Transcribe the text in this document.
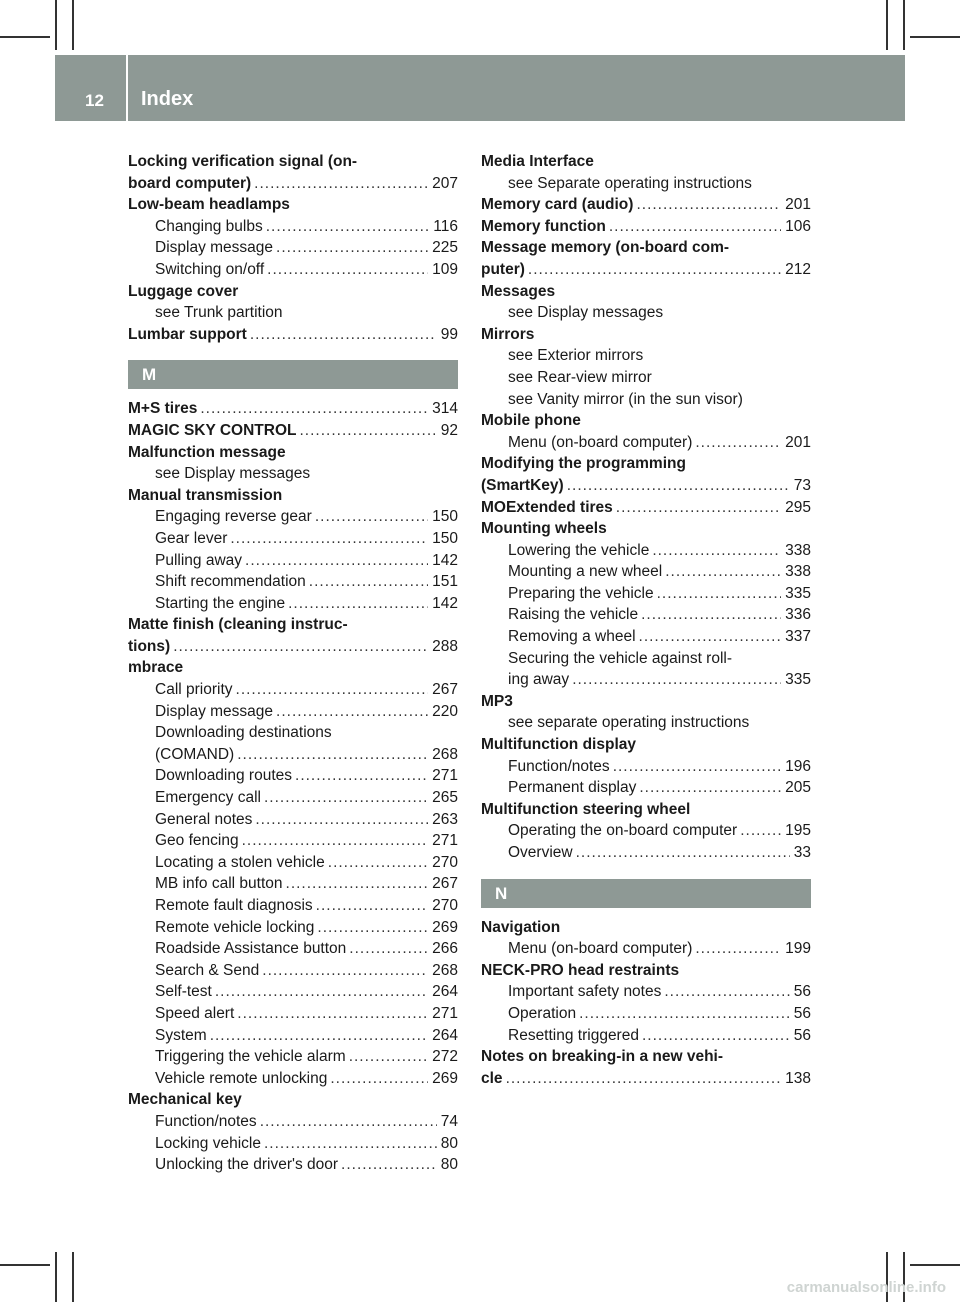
12 Index
Locking verification signal (on-
board computer) .....	207
Low-beam headlamps
Changing bulbs .....	116
Display message .....	225
Switching on/off .....	109
Luggage cover
see Trunk partition
Lumbar support .....	99
M
M+S tires .....	314
MAGIC SKY CONTROL .....	92
Malfunction message
see Display messages
Manual transmission
Engaging reverse gear .....	150
Gear lever .....	150
Pulling away .....	142
Shift recommendation .....	151
Starting the engine .....	142
Matte finish (cleaning instruc-
tions) .....	288
mbrace
Call priority .....	267
Display message .....	220
Downloading destinations
(COMAND) .....	268
Downloading routes .....	271
Emergency call .....	265
General notes .....	263
Geo fencing .....	271
Locating a stolen vehicle .....	270
MB info call button .....	267
Remote fault diagnosis .....	270
Remote vehicle locking .....	269
Roadside Assistance button .....	266
Search & Send .....	268
Self-test .....	264
Speed alert .....	271
System .....	264
Triggering the vehicle alarm .....	272
Vehicle remote unlocking .....	269
Mechanical key
Function/notes .....	74
Locking vehicle .....	80
Unlocking the driver's door .....	80
Media Interface
see Separate operating instructions
Memory card (audio) .....	201
Memory function .....	106
Message memory (on-board com-
puter) .....	212
Messages
see Display messages
Mirrors
see Exterior mirrors
see Rear-view mirror
see Vanity mirror (in the sun visor)
Mobile phone
Menu (on-board computer) .....	201
Modifying the programming
(SmartKey) .....	73
MOExtended tires .....	295
Mounting wheels
Lowering the vehicle .....	338
Mounting a new wheel .....	338
Preparing the vehicle .....	335
Raising the vehicle .....	336
Removing a wheel .....	337
Securing the vehicle against roll-
ing away .....	335
MP3
see separate operating instructions
Multifunction display
Function/notes .....	196
Permanent display .....	205
Multifunction steering wheel
Operating the on-board computer .....	195
Overview .....	33
N
Navigation
Menu (on-board computer) .....	199
NECK-PRO head restraints
Important safety notes .....	56
Operation .....	56
Resetting triggered .....	56
Notes on breaking-in a new vehi-
cle .....	138
carmanualsonline.info
